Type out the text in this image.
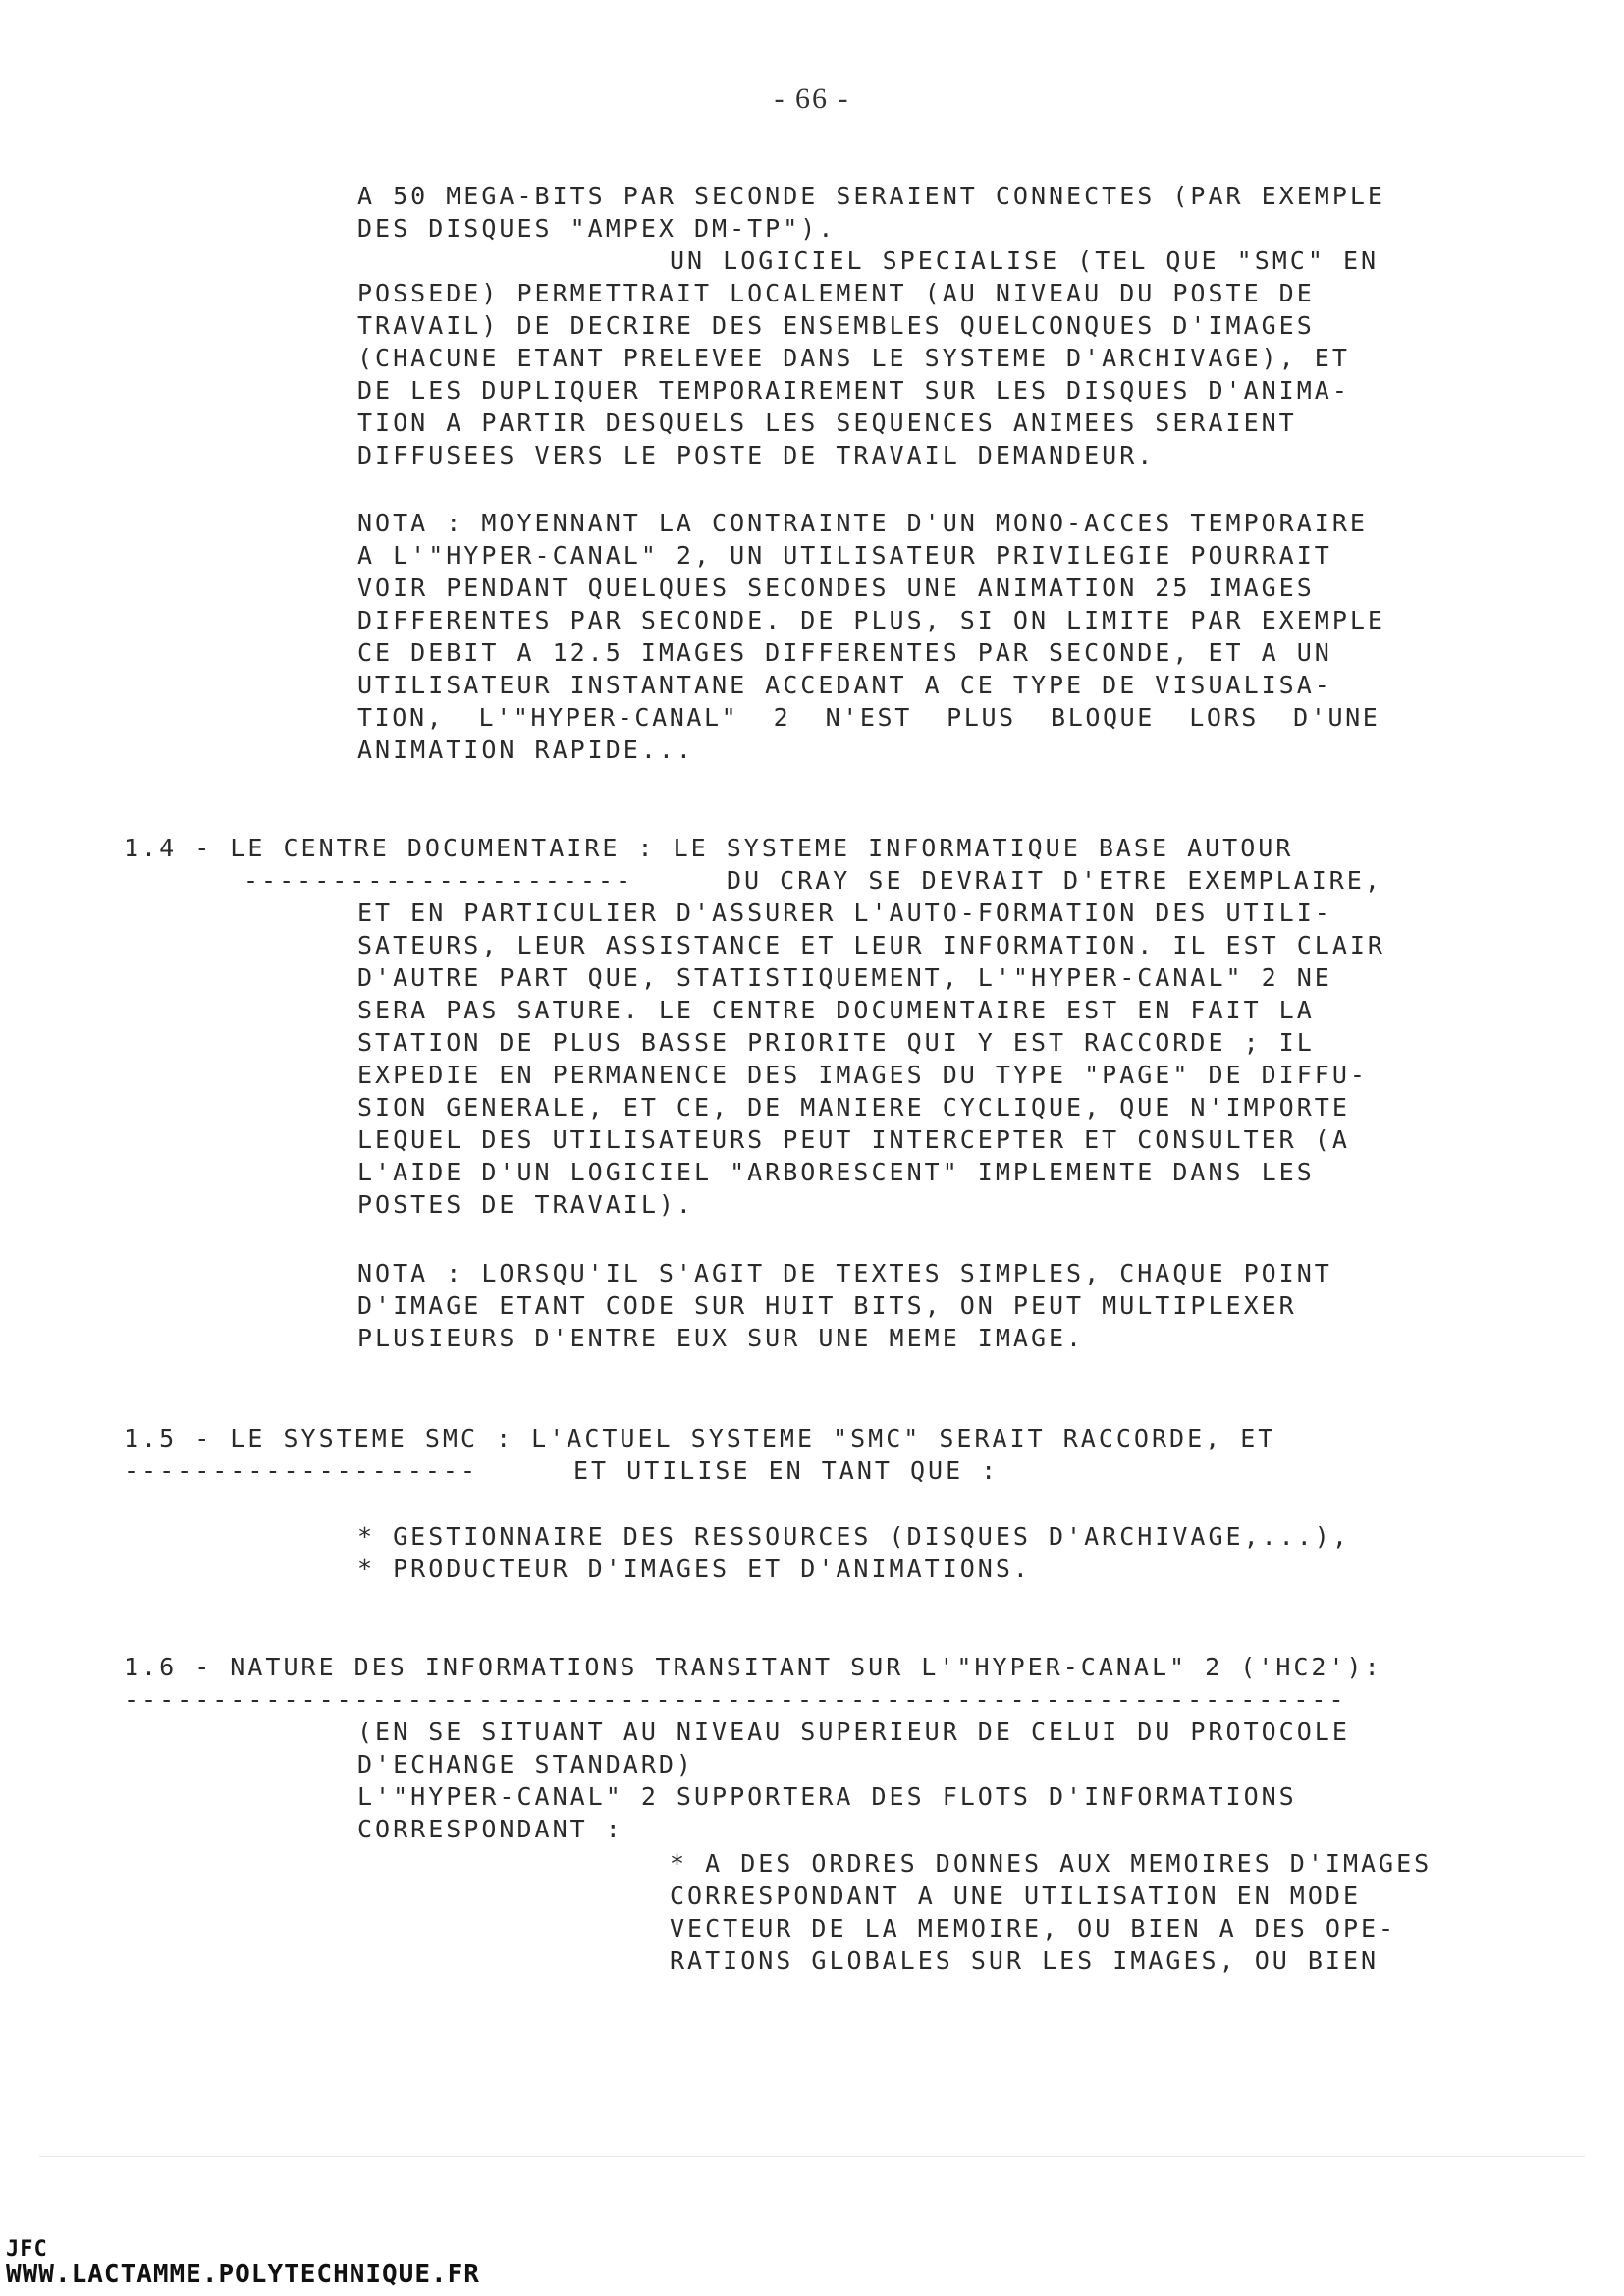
- 66 -
A 50 MEGA-BITS PAR SECONDE SERAIENT CONNECTES (PAR EXEMPLE
DES DISQUES "AMPEX DM-TP").
UN LOGICIEL SPECIALISE (TEL QUE "SMC" EN
POSSEDE) PERMETTRAIT LOCALEMENT (AU NIVEAU DU POSTE DE
TRAVAIL) DE DECRIRE DES ENSEMBLES QUELCONQUES D'IMAGES
(CHACUNE ETANT PRELEVEE DANS LE SYSTEME D'ARCHIVAGE), ET
DE LES DUPLIQUER TEMPORAIREMENT SUR LES DISQUES D'ANIMA-
TION A PARTIR DESQUELS LES SEQUENCES ANIMEES SERAIENT
DIFFUSEES VERS LE POSTE DE TRAVAIL DEMANDEUR.
NOTA : MOYENNANT LA CONTRAINTE D'UN MONO-ACCES TEMPORAIRE
A L'"HYPER-CANAL" 2, UN UTILISATEUR PRIVILEGIE POURRAIT
VOIR PENDANT QUELQUES SECONDES UNE ANIMATION 25 IMAGES
DIFFERENTES PAR SECONDE. DE PLUS, SI ON LIMITE PAR EXEMPLE
CE DEBIT A 12.5 IMAGES DIFFERENTES PAR SECONDE, ET A UN
UTILISATEUR INSTANTANE ACCEDANT A CE TYPE DE VISUALISA-
TION,  L'"HYPER-CANAL"  2  N'EST  PLUS  BLOQUE  LORS  D'UNE
ANIMATION RAPIDE...
1.4 - LE CENTRE DOCUMENTAIRE : LE SYSTEME INFORMATIQUE BASE AUTOUR
----------------------	DU CRAY SE DEVRAIT D'ETRE EXEMPLAIRE,
ET EN PARTICULIER D'ASSURER L'AUTO-FORMATION DES UTILI-
SATEURS, LEUR ASSISTANCE ET LEUR INFORMATION. IL EST CLAIR
D'AUTRE PART QUE, STATISTIQUEMENT, L'"HYPER-CANAL" 2 NE
SERA PAS SATURE. LE CENTRE DOCUMENTAIRE EST EN FAIT LA
STATION DE PLUS BASSE PRIORITE QUI Y EST RACCORDE ; IL
EXPEDIE EN PERMANENCE DES IMAGES DU TYPE "PAGE" DE DIFFU-
SION GENERALE, ET CE, DE MANIERE CYCLIQUE, QUE N'IMPORTE
LEQUEL DES UTILISATEURS PEUT INTERCEPTER ET CONSULTER (A
L'AIDE D'UN LOGICIEL "ARBORESCENT" IMPLEMENTE DANS LES
POSTES DE TRAVAIL).
NOTA : LORSQU'IL S'AGIT DE TEXTES SIMPLES, CHAQUE POINT
D'IMAGE ETANT CODE SUR HUIT BITS, ON PEUT MULTIPLEXER
PLUSIEURS D'ENTRE EUX SUR UNE MEME IMAGE.
1.5 - LE SYSTEME SMC : L'ACTUEL SYSTEME "SMC" SERAIT RACCORDE, ET
--------------------	ET UTILISE EN TANT QUE :
* GESTIONNAIRE DES RESSOURCES (DISQUES D'ARCHIVAGE,...),
* PRODUCTEUR D'IMAGES ET D'ANIMATIONS.
1.6 - NATURE DES INFORMATIONS TRANSITANT SUR L'"HYPER-CANAL" 2 ('HC2'):
---------------------------------------------------------------------
(EN SE SITUANT AU NIVEAU SUPERIEUR DE CELUI DU PROTOCOLE
D'ECHANGE STANDARD)
L'"HYPER-CANAL" 2 SUPPORTERA DES FLOTS D'INFORMATIONS
CORRESPONDANT :
* A DES ORDRES DONNES AUX MEMOIRES D'IMAGES
CORRESPONDANT A UNE UTILISATION EN MODE
VECTEUR DE LA MEMOIRE, OU BIEN A DES OPE-
RATIONS GLOBALES SUR LES IMAGES, OU BIEN
JFC
WWW.LACTAMME.POLYTECHNIQUE.FR
